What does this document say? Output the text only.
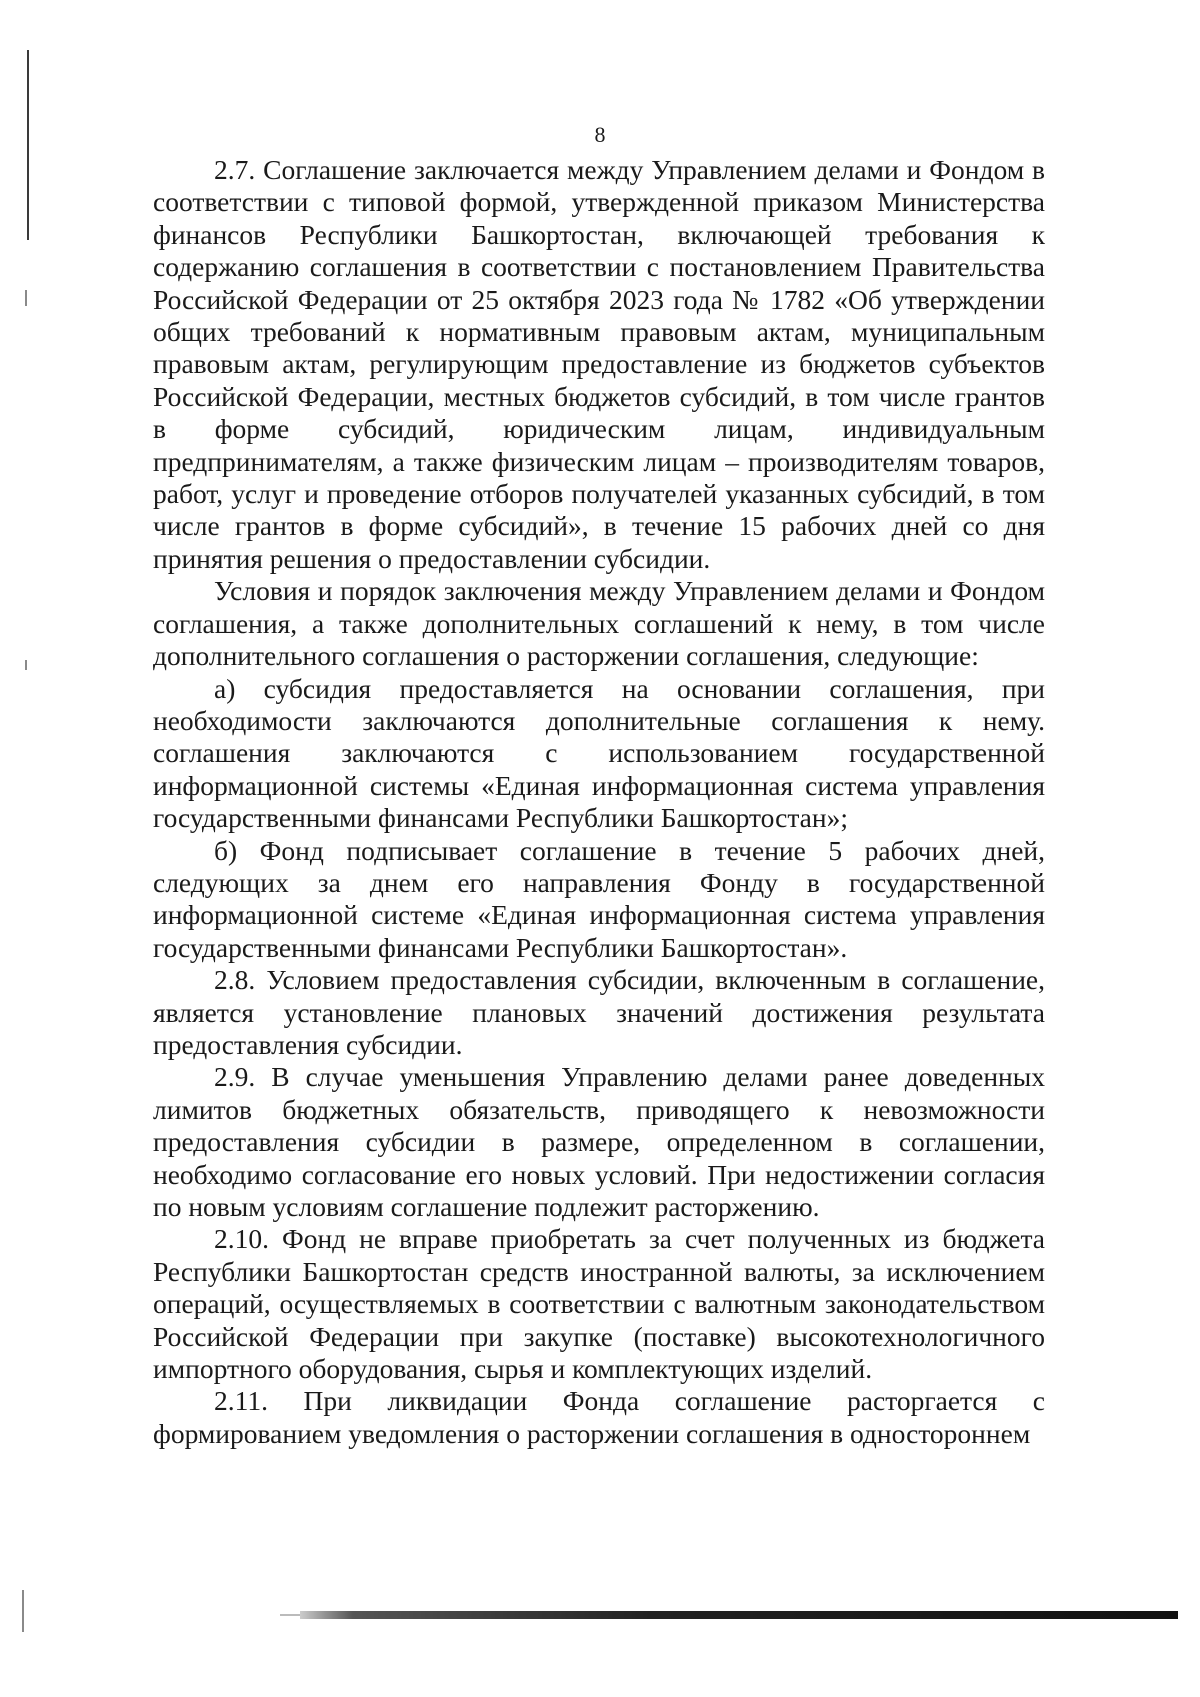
8

2.7. Соглашение заключается между Управлением делами и Фондом в соответствии с типовой формой, утвержденной приказом Министерства финансов Республики Башкортостан, включающей требования к содержанию соглашения в соответствии с постановлением Правительства Российской Федерации от 25 октября 2023 года № 1782 «Об утверждении общих требований к нормативным правовым актам, муниципальным правовым актам, регулирующим предоставление из бюджетов субъектов Российской Федерации, местных бюджетов субсидий, в том числе грантов в форме субсидий, юридическим лицам, индивидуальным предпринимателям, а также физическим лицам – производителям товаров, работ, услуг и проведение отборов получателей указанных субсидий, в том числе грантов в форме субсидий», в течение 15 рабочих дней со дня принятия решения о предоставлении субсидии.

Условия и порядок заключения между Управлением делами и Фондом соглашения, а также дополнительных соглашений к нему, в том числе дополнительного соглашения о расторжении соглашения, следующие:

а) субсидия предоставляется на основании соглашения, при необходимости заключаются дополнительные соглашения к нему. соглашения заключаются с использованием государственной информационной системы «Единая информационная система управления государственными финансами Республики Башкортостан»;

б) Фонд подписывает соглашение в течение 5 рабочих дней, следующих за днем его направления Фонду в государственной информационной системе «Единая информационная система управления государственными финансами Республики Башкортостан».

2.8. Условием предоставления субсидии, включенным в соглашение, является установление плановых значений достижения результата предоставления субсидии.

2.9. В случае уменьшения Управлению делами ранее доведенных лимитов бюджетных обязательств, приводящего к невозможности предоставления субсидии в размере, определенном в соглашении, необходимо согласование его новых условий. При недостижении согласия по новым условиям соглашение подлежит расторжению.

2.10. Фонд не вправе приобретать за счет полученных из бюджета Республики Башкортостан средств иностранной валюты, за исключением операций, осуществляемых в соответствии с валютным законодательством Российской Федерации при закупке (поставке) высокотехнологичного импортного оборудования, сырья и комплектующих изделий.

2.11. При ликвидации Фонда соглашение расторгается с формированием уведомления о расторжении соглашения в одностороннем
